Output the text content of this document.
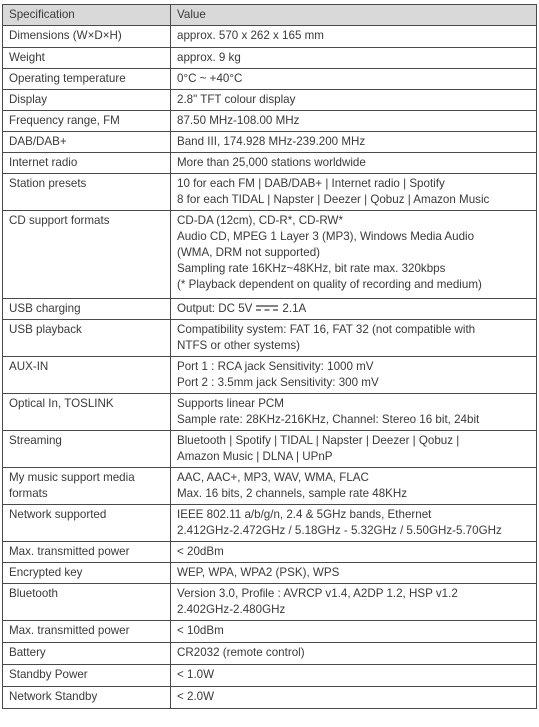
Specification	Value

Dimensions (W×D×H)	approx. 570 x 262 x 165 mm

Weight	approx. 9 kg

Operating temperature	0°C ~ +40°C

Display	2.8" TFT colour display

Frequency range, FM	87.50 MHz-108.00 MHz

DAB/DAB+	Band III, 174.928 MHz-239.200 MHz

Internet radio	More than 25,000 stations worldwide

Station presets	10 for each FM | DAB/DAB+ | Internet radio | Spotify
8 for each TIDAL | Napster | Deezer | Qobuz | Amazon Music

CD support formats	CD-DA (12cm), CD-R*, CD-RW*
Audio CD, MPEG 1 Layer 3 (MP3), Windows Media Audio
(WMA, DRM not supported)
Sampling rate 16KHz~48KHz, bit rate max. 320kbps
(* Playback dependent on quality of recording and medium)

USB charging	Output: DC 5V 2.1A

USB playback	Compatibility system: FAT 16, FAT 32 (not compatible with
NTFS or other systems)

AUX-IN	Port 1 : RCA jack Sensitivity: 1000 mV
Port 2 : 3.5mm jack Sensitivity: 300 mV

Optical In, TOSLINK	Supports linear PCM
Sample rate: 28KHz-216KHz, Channel: Stereo 16 bit, 24bit

Streaming	Bluetooth | Spotify | TIDAL | Napster | Deezer | Qobuz |
Amazon Music | DLNA | UPnP

My music support media
formats	AAC, AAC+, MP3, WAV, WMA, FLAC
Max. 16 bits, 2 channels, sample rate 48KHz

Network supported	IEEE 802.11 a/b/g/n, 2.4 & 5GHz bands, Ethernet
2.412GHz-2.472GHz / 5.18GHz - 5.32GHz / 5.50GHz-5.70GHz

Max. transmitted power	< 20dBm

Encrypted key	WEP, WPA, WPA2 (PSK), WPS

Bluetooth	Version 3.0, Profile : AVRCP v1.4, A2DP 1.2, HSP v1.2
2.402GHz-2.480GHz

Max. transmitted power	< 10dBm

Battery	CR2032 (remote control)

Standby Power	< 1.0W

Network Standby	< 2.0W
